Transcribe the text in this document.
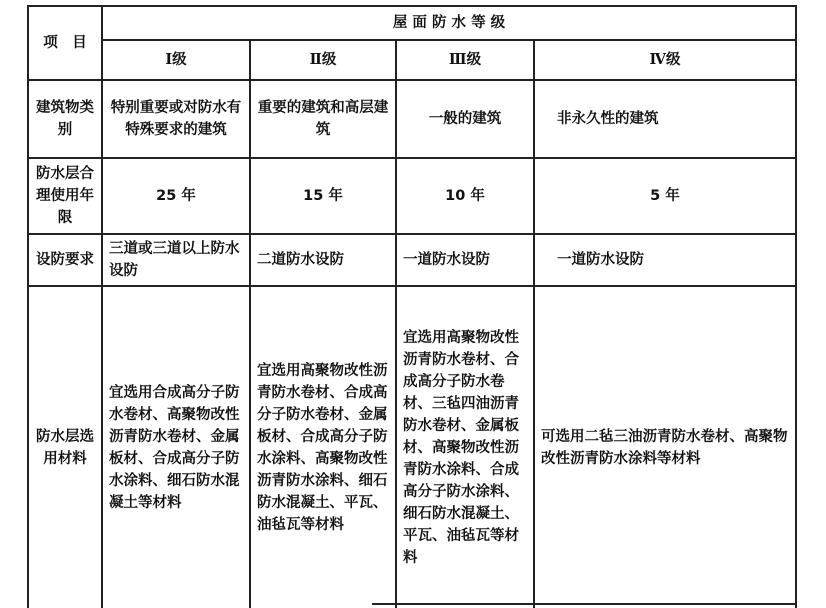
项　目	屋 面 防 水 等 级			
	Ⅰ级	Ⅱ级	Ⅲ级	Ⅳ级
建筑物类别	特别重要或对防水有特殊要求的建筑	重要的建筑和高层建筑	一般的建筑	非永久性的建筑
防水层合理使用年限	25 年	15 年	10 年	5 年
设防要求	三道或三道以上防水设防	二道防水设防	一道防水设防	一道防水设防
防水层选用材料	宜选用合成高分子防水卷材、高聚物改性沥青防水卷材、金属板材、合成高分子防水涂料、细石防水混凝土等材料	宜选用高聚物改性沥青防水卷材、合成高分子防水卷材、金属板材、合成高分子防水涂料、高聚物改性沥青防水涂料、细石防水混凝土、平瓦、油毡瓦等材料	宜选用高聚物改性沥青防水卷材、合成高分子防水卷材、三毡四油沥青防水卷材、金属板材、高聚物改性沥青防水涂料、合成高分子防水涂料、细石防水混凝土、平瓦、油毡瓦等材料	可选用二毡三油沥青防水卷材、高聚物改性沥青防水涂料等材料
